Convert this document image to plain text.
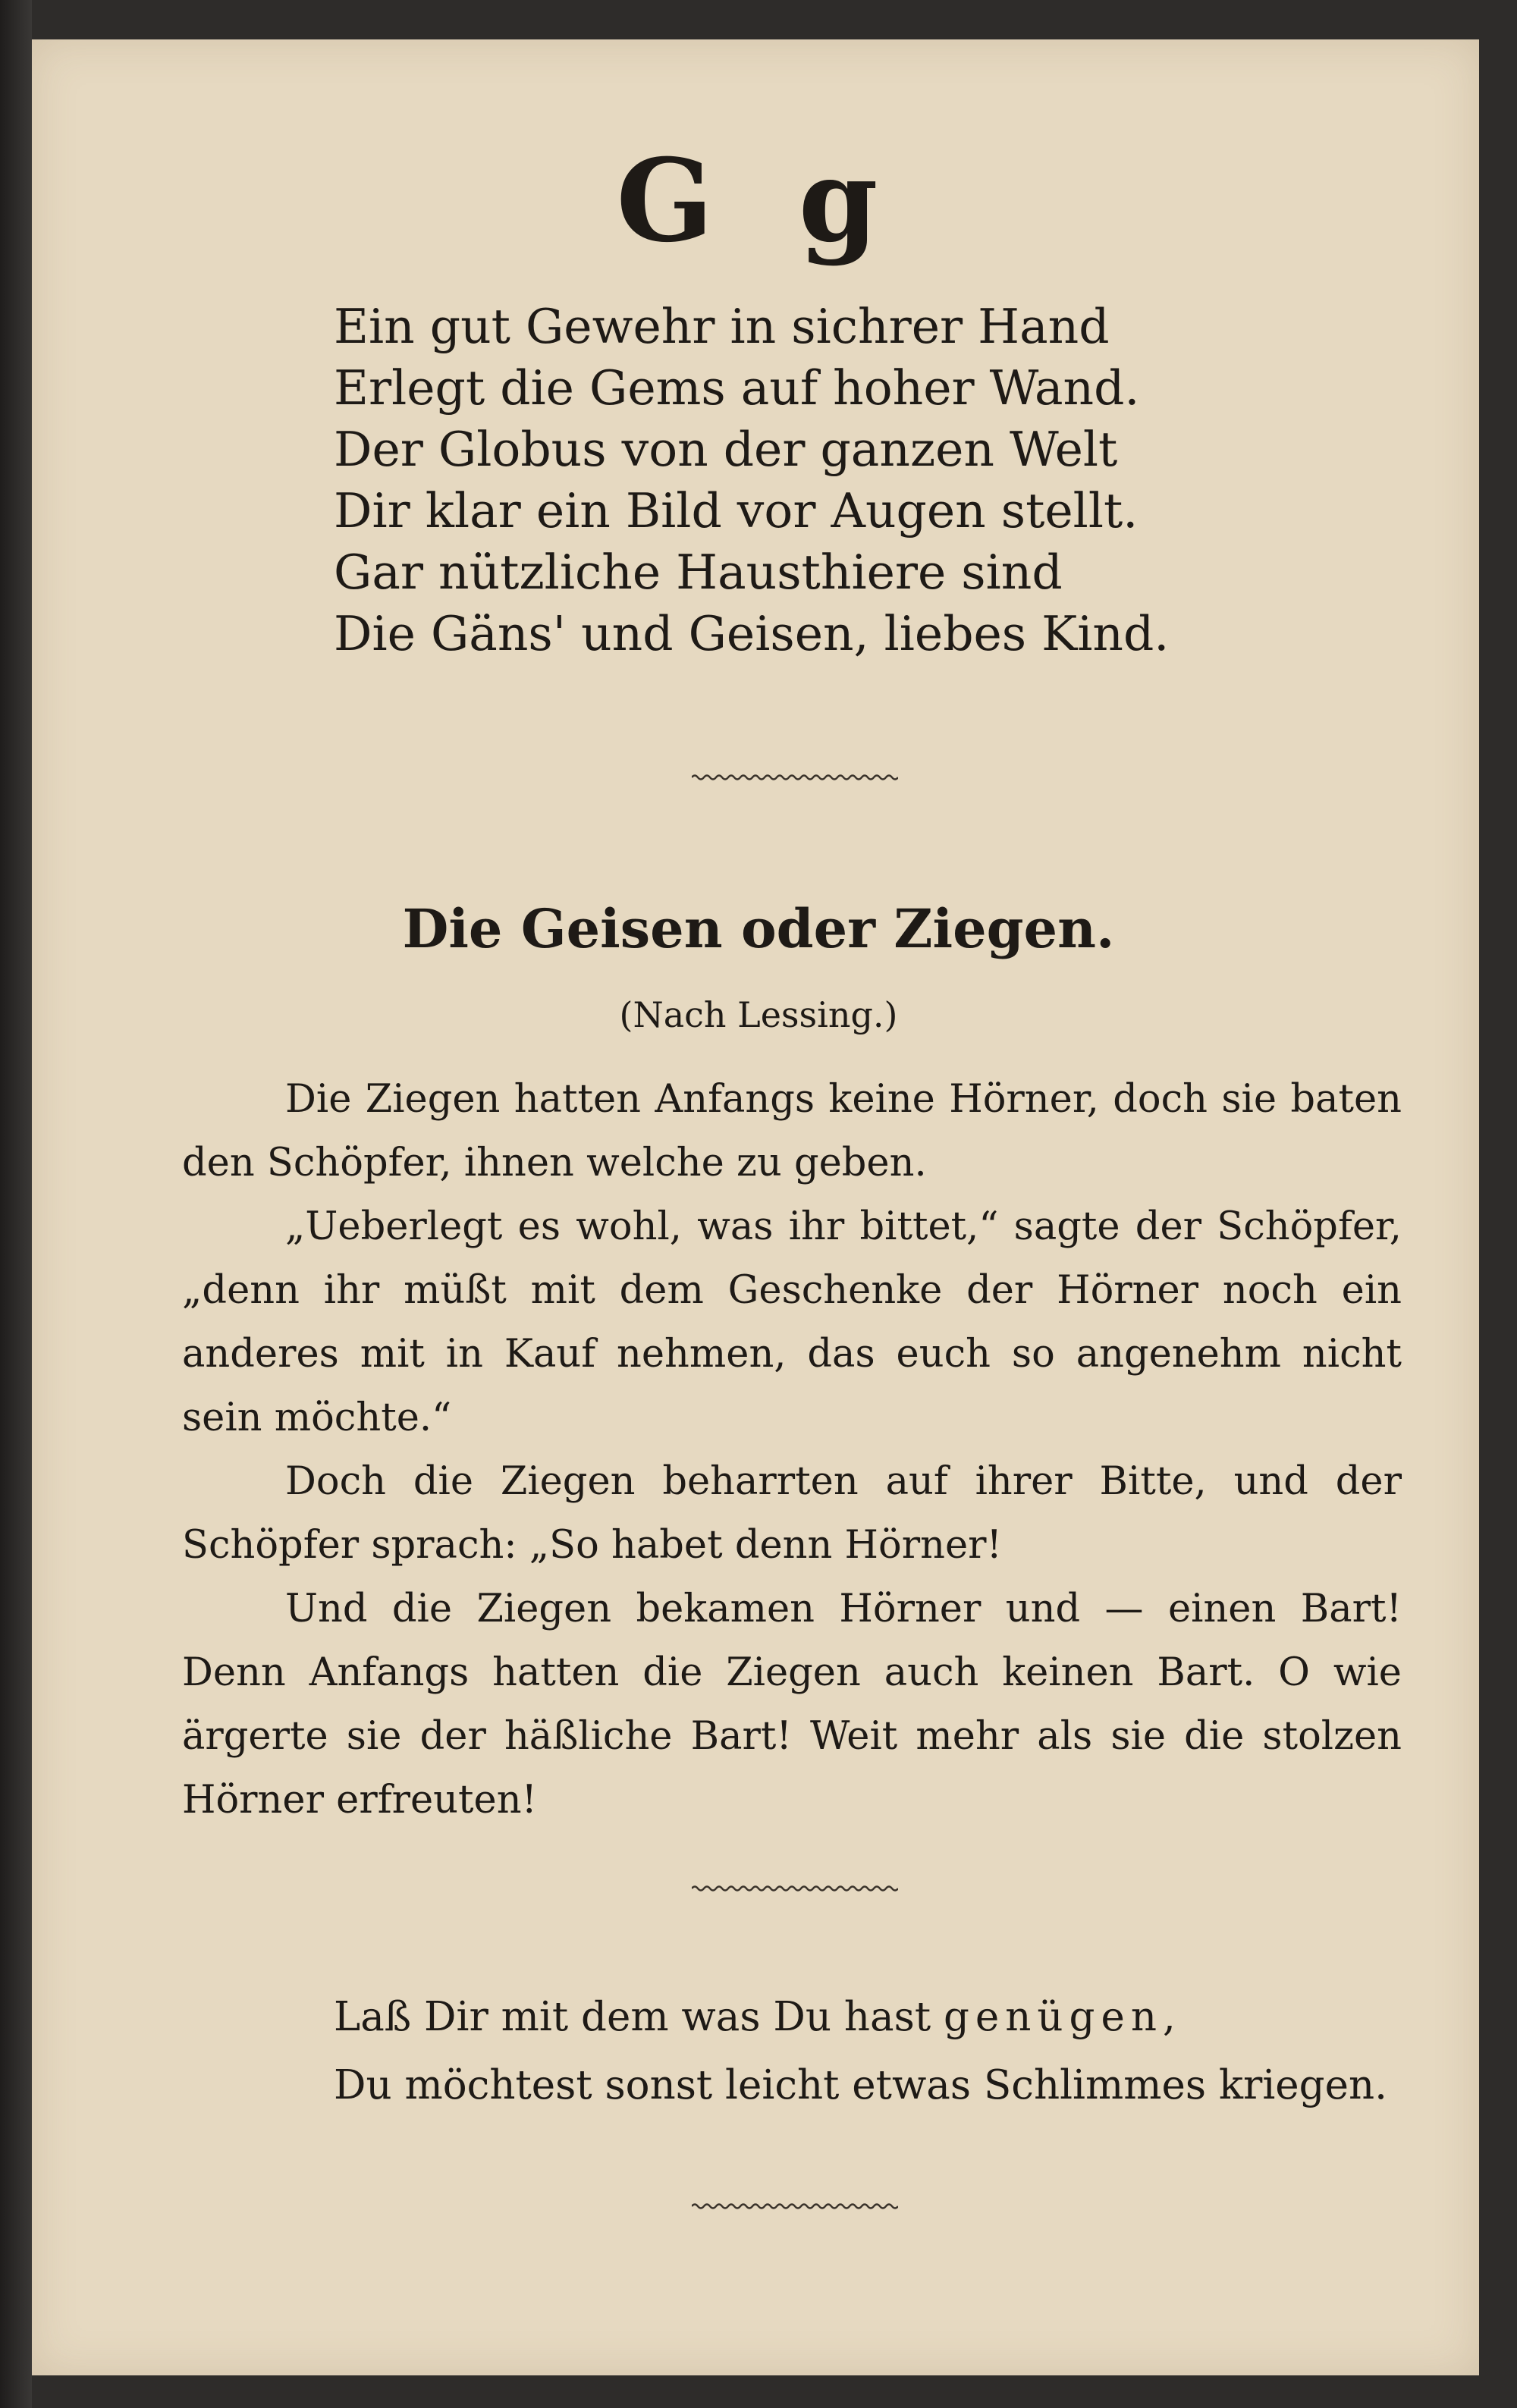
G g
Ein gut Gewehr in sichrer Hand
Erlegt die Gems auf hoher Wand.
Der Globus von der ganzen Welt
Dir klar ein Bild vor Augen stellt.
Gar nützliche Hausthiere sind
Die Gäns' und Geisen, liebes Kind.
Die Geisen oder Ziegen.
(Nach Lessing.)

Die Ziegen hatten Anfangs keine Hörner, doch sie baten den Schöpfer, ihnen welche zu geben.

„Ueberlegt es wohl, was ihr bittet,“ sagte der Schöpfer, „denn ihr müßt mit dem Geschenke der Hörner noch ein anderes mit in Kauf nehmen, das euch so angenehm nicht sein möchte.“

Doch die Ziegen beharrten auf ihrer Bitte, und der Schöpfer sprach: „So habet denn Hörner!

Und die Ziegen bekamen Hörner und — einen Bart! Denn Anfangs hatten die Ziegen auch keinen Bart. O wie ärgerte sie der häßliche Bart! Weit mehr als sie die stolzen Hörner erfreuten!

Laß Dir mit dem was Du hast genügen,
Du möchtest sonst leicht etwas Schlimmes kriegen.
